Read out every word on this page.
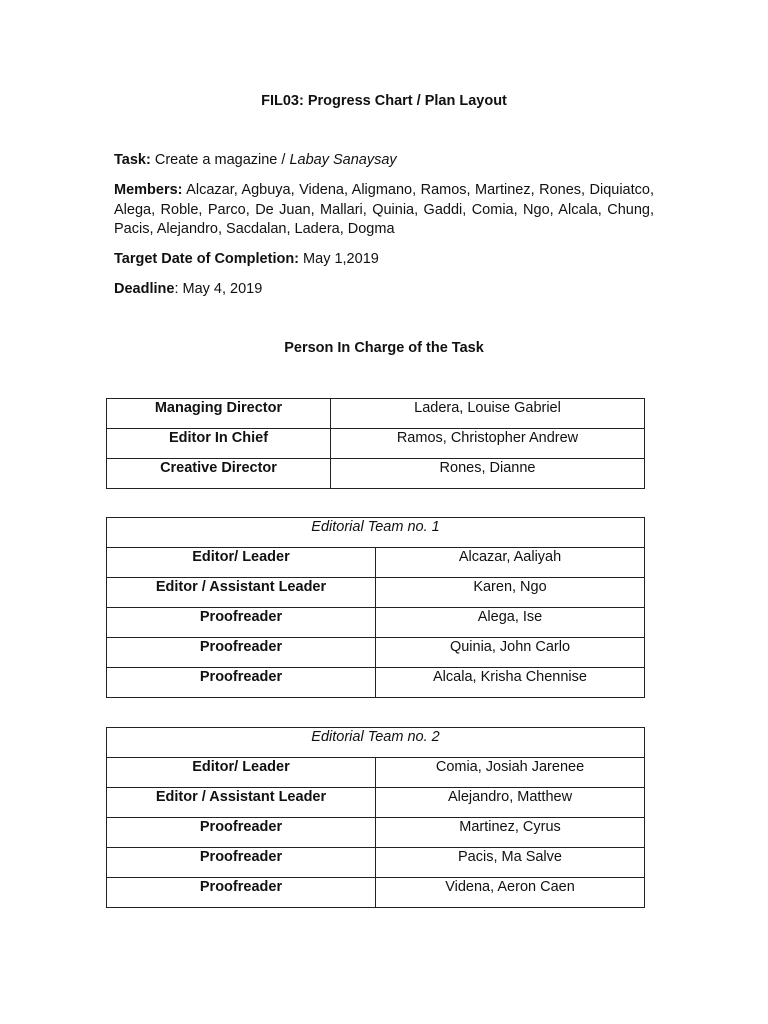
FIL03: Progress Chart / Plan Layout
Task: Create a magazine / Labay Sanaysay
Members: Alcazar, Agbuya, Videna, Aligmano, Ramos, Martinez, Rones, Diquiatco, Alega, Roble, Parco, De Juan, Mallari, Quinia, Gaddi, Comia, Ngo, Alcala, Chung, Pacis, Alejandro, Sacdalan, Ladera, Dogma
Target Date of Completion: May 1,2019
Deadline: May 4, 2019
Person In Charge of the Task
Managing Director	Ladera, Louise Gabriel
Editor In Chief	Ramos, Christopher Andrew
Creative Director	Rones, Dianne
Editorial Team no. 1	
Editor/ Leader	Alcazar, Aaliyah
Editor / Assistant Leader	Karen, Ngo
Proofreader	Alega, Ise
Proofreader	Quinia, John Carlo
Proofreader	Alcala, Krisha Chennise
Editorial Team no. 2	
Editor/ Leader	Comia, Josiah Jarenee
Editor / Assistant Leader	Alejandro, Matthew
Proofreader	Martinez, Cyrus
Proofreader	Pacis, Ma Salve
Proofreader	Videna, Aeron Caen
